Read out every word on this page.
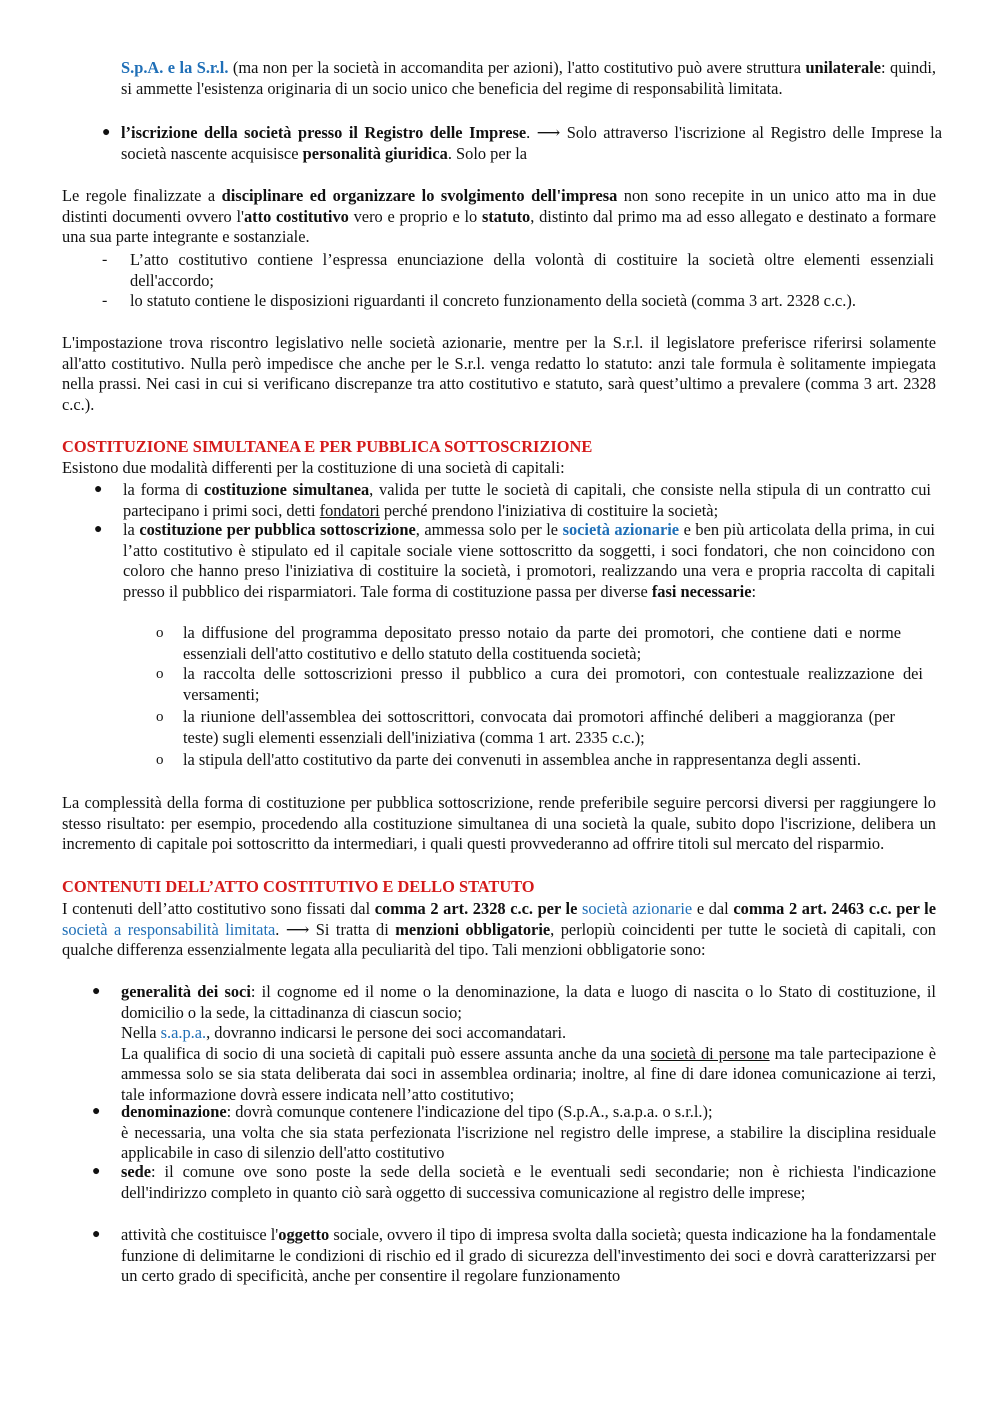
S.p.A. e la S.r.l. (ma non per la società in accomandita per azioni), l'atto costitutivo può avere struttura unilaterale: quindi, si ammette l'esistenza originaria di un socio unico che beneficia del regime di responsabilità limitata.

● l’iscrizione della società presso il Registro delle Imprese. ⟶ Solo attraverso l'iscrizione al Registro delle Imprese la società nascente acquisisce personalità giuridica. Solo per la

Le regole finalizzate a disciplinare ed organizzare lo svolgimento dell'impresa non sono recepite in un unico atto ma in due distinti documenti ovvero l'atto costitutivo vero e proprio e lo statuto, distinto dal primo ma ad esso allegato e destinato a formare una sua parte integrante e sostanziale.

- L’atto costitutivo contiene l’espressa enunciazione della volontà di costituire la società oltre elementi essenziali dell'accordo;

- lo statuto contiene le disposizioni riguardanti il concreto funzionamento della società (comma 3 art. 2328 c.c.).

L'impostazione trova riscontro legislativo nelle società azionarie, mentre per la S.r.l. il legislatore preferisce riferirsi solamente all'atto costitutivo. Nulla però impedisce che anche per le S.r.l. venga redatto lo statuto: anzi tale formula è solitamente impiegata nella prassi. Nei casi in cui si verificano discrepanze tra atto costitutivo e statuto, sarà quest’ultimo a prevalere (comma 3 art. 2328 c.c.).

COSTITUZIONE SIMULTANEA E PER PUBBLICA SOTTOSCRIZIONE

Esistono due modalità differenti per la costituzione di una società di capitali:

● la forma di costituzione simultanea, valida per tutte le società di capitali, che consiste nella stipula di un contratto cui partecipano i primi soci, detti fondatori perché prendono l'iniziativa di costituire la società;

● la costituzione per pubblica sottoscrizione, ammessa solo per le società azionarie e ben più articolata della prima, in cui l’atto costitutivo è stipulato ed il capitale sociale viene sottoscritto da soggetti, i soci fondatori, che non coincidono con coloro che hanno preso l'iniziativa di costituire la società, i promotori, realizzando una vera e propria raccolta di capitali presso il pubblico dei risparmiatori. Tale forma di costituzione passa per diverse fasi necessarie:

o la diffusione del programma depositato presso notaio da parte dei promotori, che contiene dati e norme essenziali dell'atto costitutivo e dello statuto della costituenda società;

o la raccolta delle sottoscrizioni presso il pubblico a cura dei promotori, con contestuale realizzazione dei versamenti;

o la riunione dell'assemblea dei sottoscrittori, convocata dai promotori affinché deliberi a maggioranza (per teste) sugli elementi essenziali dell'iniziativa (comma 1 art. 2335 c.c.);

o la stipula dell'atto costitutivo da parte dei convenuti in assemblea anche in rappresentanza degli assenti.

La complessità della forma di costituzione per pubblica sottoscrizione, rende preferibile seguire percorsi diversi per raggiungere lo stesso risultato: per esempio, procedendo alla costituzione simultanea di una società la quale, subito dopo l'iscrizione, delibera un incremento di capitale poi sottoscritto da intermediari, i quali questi provvederanno ad offrire titoli sul mercato del risparmio.

CONTENUTI DELL’ATTO COSTITUTIVO E DELLO STATUTO

I contenuti dell’atto costitutivo sono fissati dal comma 2 art. 2328 c.c. per le società azionarie e dal comma 2 art. 2463 c.c. per le società a responsabilità limitata. ⟶ Si tratta di menzioni obbligatorie, perlopiù coincidenti per tutte le società di capitali, con qualche differenza essenzialmente legata alla peculiarità del tipo. Tali menzioni obbligatorie sono:

● generalità dei soci: il cognome ed il nome o la denominazione, la data e luogo di nascita o lo Stato di costituzione, il domicilio o la sede, la cittadinanza di ciascun socio;

Nella s.a.p.a., dovranno indicarsi le persone dei soci accomandatari.

La qualifica di socio di una società di capitali può essere assunta anche da una società di persone ma tale partecipazione è ammessa solo se sia stata deliberata dai soci in assemblea ordinaria; inoltre, al fine di dare idonea comunicazione ai terzi, tale informazione dovrà essere indicata nell’atto costitutivo;

● denominazione: dovrà comunque contenere l'indicazione del tipo (S.p.A., s.a.p.a. o s.r.l.);

è necessaria, una volta che sia stata perfezionata l'iscrizione nel registro delle imprese, a stabilire la disciplina residuale applicabile in caso di silenzio dell'atto costitutivo

● sede: il comune ove sono poste la sede della società e le eventuali sedi secondarie; non è richiesta l'indicazione dell'indirizzo completo in quanto ciò sarà oggetto di successiva comunicazione al registro delle imprese;

● attività che costituisce l'oggetto sociale, ovvero il tipo di impresa svolta dalla società; questa indicazione ha la fondamentale funzione di delimitarne le condizioni di rischio ed il grado di sicurezza dell'investimento dei soci e dovrà caratterizzarsi per un certo grado di specificità, anche per consentire il regolare funzionamento
